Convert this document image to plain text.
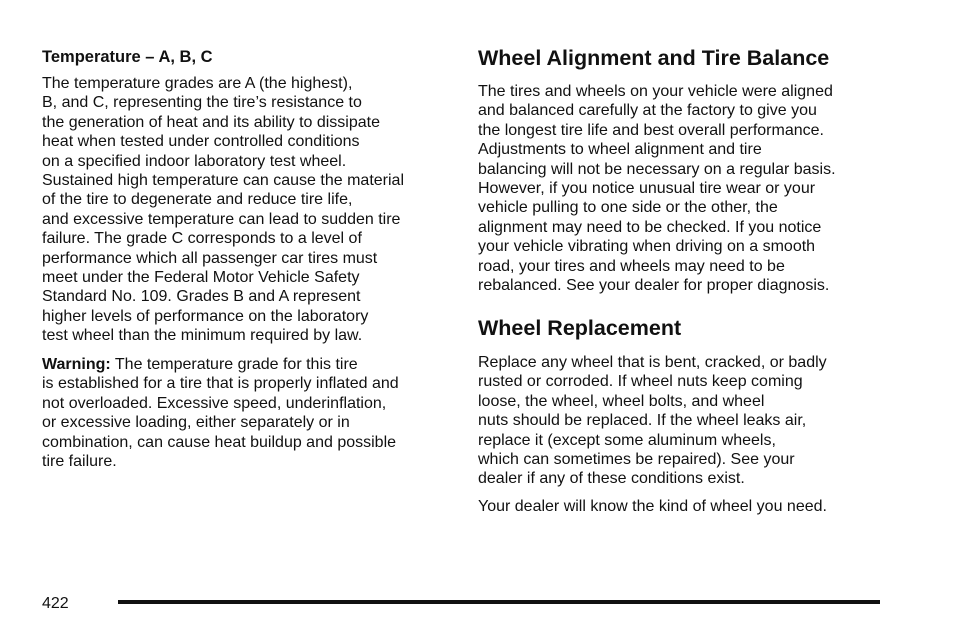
Temperature – A, B, C

The temperature grades are A (the highest),
B, and C, representing the tire’s resistance to
the generation of heat and its ability to dissipate
heat when tested under controlled conditions
on a specified indoor laboratory test wheel.
Sustained high temperature can cause the material
of the tire to degenerate and reduce tire life,
and excessive temperature can lead to sudden tire
failure. The grade C corresponds to a level of
performance which all passenger car tires must
meet under the Federal Motor Vehicle Safety
Standard No. 109. Grades B and A represent
higher levels of performance on the laboratory
test wheel than the minimum required by law.

Warning: The temperature grade for this tire
is established for a tire that is properly inflated and
not overloaded. Excessive speed, underinflation,
or excessive loading, either separately or in
combination, can cause heat buildup and possible
tire failure.

Wheel Alignment and Tire Balance

The tires and wheels on your vehicle were aligned
and balanced carefully at the factory to give you
the longest tire life and best overall performance.
Adjustments to wheel alignment and tire
balancing will not be necessary on a regular basis.
However, if you notice unusual tire wear or your
vehicle pulling to one side or the other, the
alignment may need to be checked. If you notice
your vehicle vibrating when driving on a smooth
road, your tires and wheels may need to be
rebalanced. See your dealer for proper diagnosis.

Wheel Replacement

Replace any wheel that is bent, cracked, or badly
rusted or corroded. If wheel nuts keep coming
loose, the wheel, wheel bolts, and wheel
nuts should be replaced. If the wheel leaks air,
replace it (except some aluminum wheels,
which can sometimes be repaired). See your
dealer if any of these conditions exist.

Your dealer will know the kind of wheel you need.

422
